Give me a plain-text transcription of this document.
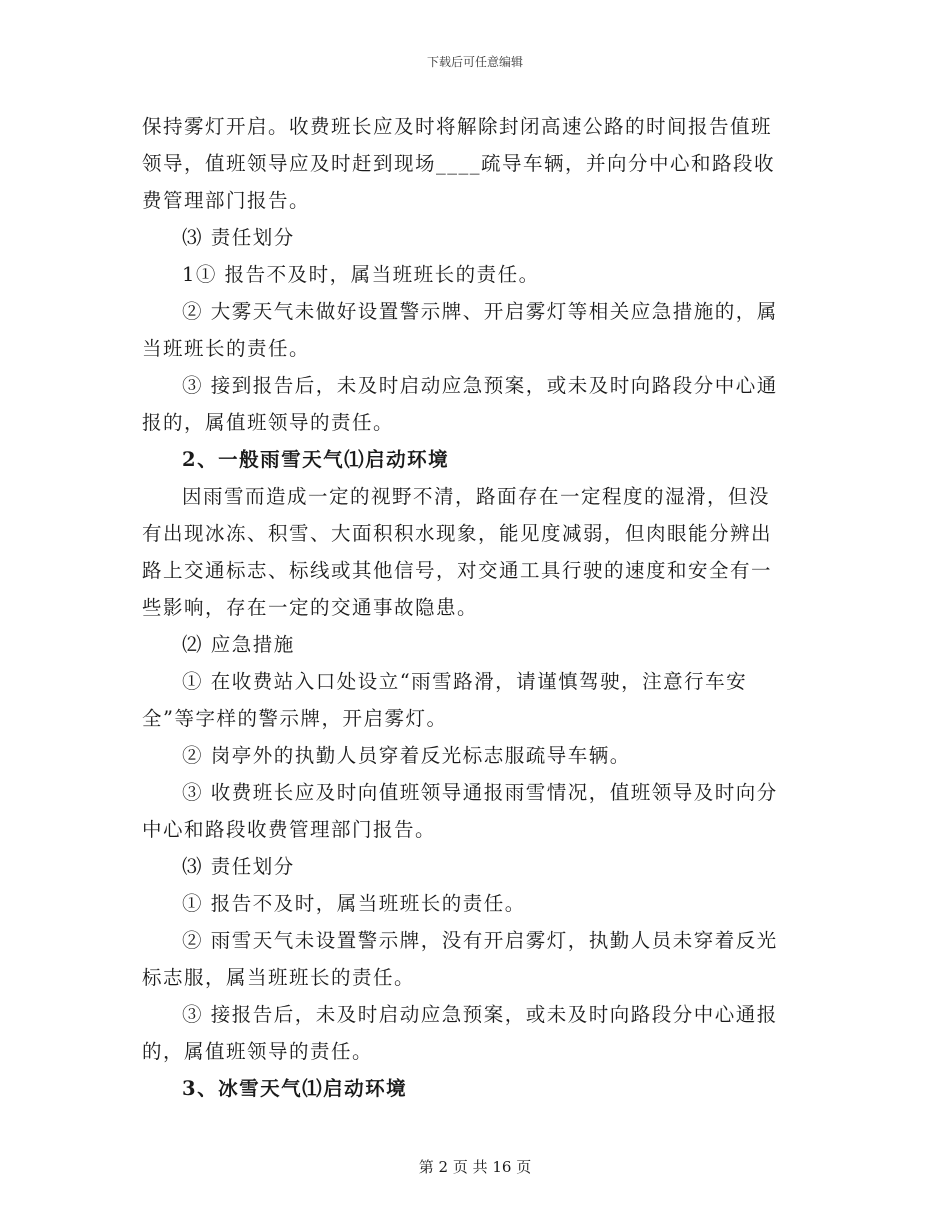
下载后可任意编辑
保持雾灯开启。收费班长应及时将解除封闭高速公路的时间报告值班
领导，值班领导应及时赶到现场____疏导车辆，并向分中心和路段收
费管理部门报告。
⑶ 责任划分
1① 报告不及时，属当班班长的责任。
② 大雾天气未做好设置警示牌、开启雾灯等相关应急措施的，属
当班班长的责任。
③ 接到报告后，未及时启动应急预案，或未及时向路段分中心通
报的，属值班领导的责任。
2、一般雨雪天气⑴启动环境
因雨雪而造成一定的视野不清，路面存在一定程度的湿滑，但没
有出现冰冻、积雪、大面积积水现象，能见度减弱，但肉眼能分辨出
路上交通标志、标线或其他信号，对交通工具行驶的速度和安全有一
些影响，存在一定的交通事故隐患。
⑵ 应急措施
① 在收费站入口处设立“雨雪路滑，请谨慎驾驶，注意行车安
全”等字样的警示牌，开启雾灯。
② 岗亭外的执勤人员穿着反光标志服疏导车辆。
③ 收费班长应及时向值班领导通报雨雪情况，值班领导及时向分
中心和路段收费管理部门报告。
⑶ 责任划分
① 报告不及时，属当班班长的责任。
② 雨雪天气未设置警示牌，没有开启雾灯，执勤人员未穿着反光
标志服，属当班班长的责任。
③ 接报告后，未及时启动应急预案，或未及时向路段分中心通报
的，属值班领导的责任。
3、冰雪天气⑴启动环境
第 2 页 共 16 页
